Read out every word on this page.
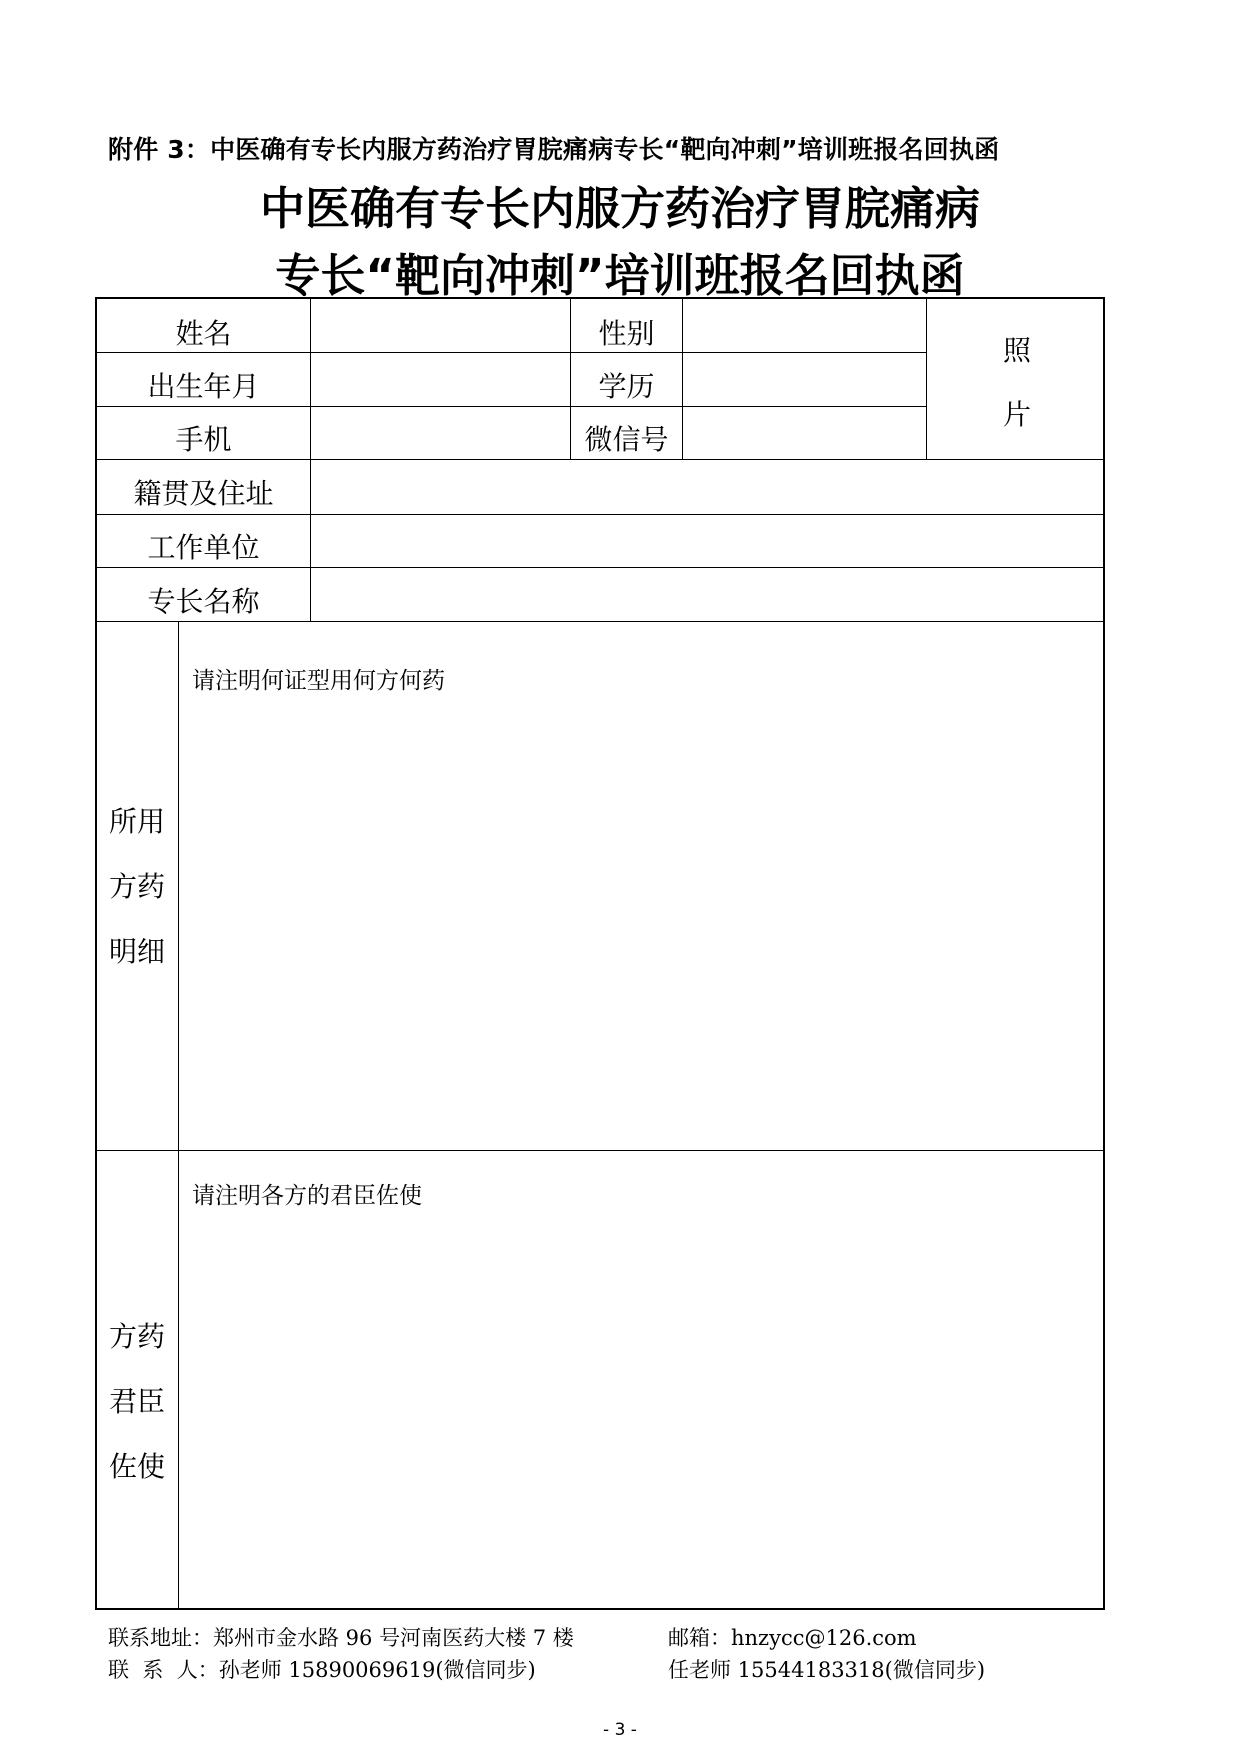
附件 3：中医确有专长内服方药治疗胃脘痛病专长“靶向冲刺”培训班报名回执函
中医确有专长内服方药治疗胃脘痛病
专长“靶向冲刺”培训班报名回执函
姓名	性别
出生年月	学历
手机	微信号
照
片
籍贯及住址
工作单位
专长名称
所用
方药
明细
请注明何证型用何方何药
方药
君臣
佐使
请注明各方的君臣佐使
联系地址：郑州市金水路 96 号河南医药大楼 7 楼	邮箱：hnzycc@126.com
联  系  人：孙老师 15890069619(微信同步)	任老师 15544183318(微信同步)
- 3 -
